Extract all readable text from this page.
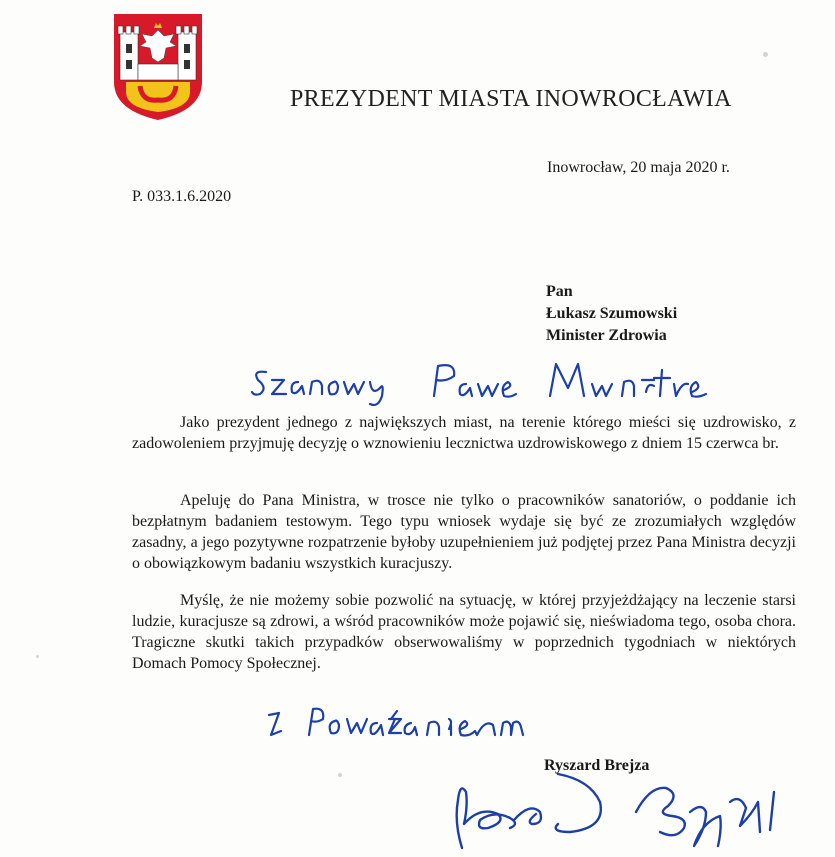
PREZYDENT MIASTA INOWROCŁAWIA
Inowrocław, 20 maja 2020 r.
P. 033.1.6.2020
Pan
Łukasz Szumowski
Minister Zdrowia
Jako prezydent jednego z największych miast, na terenie którego mieści się uzdrowisko, z zadowoleniem przyjmuję decyzję o wznowieniu lecznictwa uzdrowiskowego z dniem 15 czerwca br.
Apeluję do Pana Ministra, w trosce nie tylko o pracowników sanatoriów, o poddanie ich bezpłatnym badaniem testowym. Tego typu wniosek wydaje się być ze zrozumiałych względów zasadny, a jego pozytywne rozpatrzenie byłoby uzupełnieniem już podjętej przez Pana Ministra decyzji o obowiązkowym badaniu wszystkich kuracjuszy.
Myślę, że nie możemy sobie pozwolić na sytuację, w której przyjeżdżający na leczenie starsi ludzie, kuracjusze są zdrowi, a wśród pracowników może pojawić się, nieświadoma tego, osoba chora. Tragiczne skutki takich przypadków obserwowaliśmy w poprzednich tygodniach w niektórych Domach Pomocy Społecznej.
Ryszard Brejza
